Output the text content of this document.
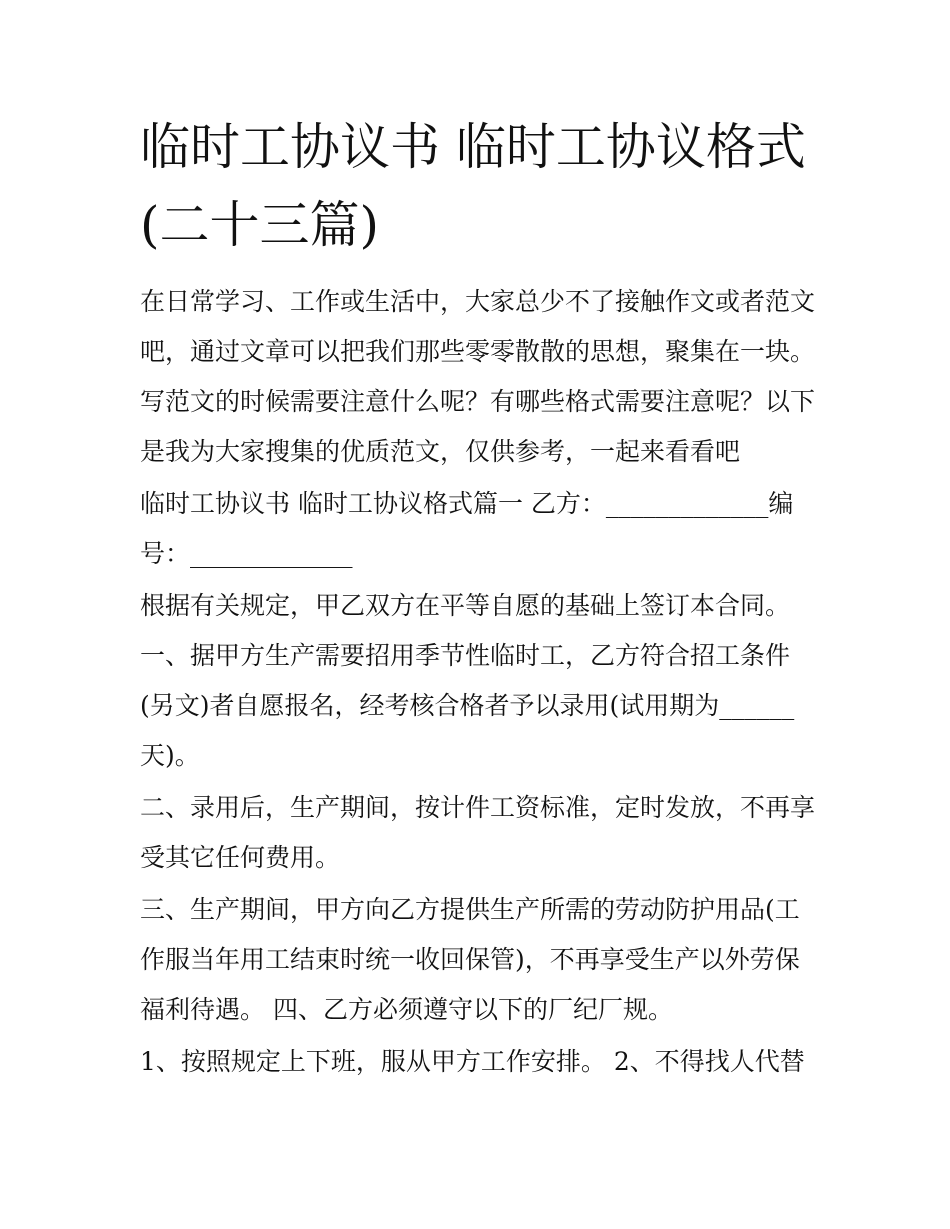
临时工协议书 临时工协议格式
(二十三篇)

在日常学习、工作或生活中，大家总少不了接触作文或者范文

吧，通过文章可以把我们那些零零散散的思想，聚集在一块。

写范文的时候需要注意什么呢？有哪些格式需要注意呢？以下

是我为大家搜集的优质范文，仅供参考，一起来看看吧

临时工协议书 临时工协议格式篇一 乙方：_____________编

号：_____________

根据有关规定，甲乙双方在平等自愿的基础上签订本合同。

一、据甲方生产需要招用季节性临时工，乙方符合招工条件

(另文)者自愿报名，经考核合格者予以录用(试用期为______

天)。

二、录用后，生产期间，按计件工资标准，定时发放，不再享

受其它任何费用。

三、生产期间，甲方向乙方提供生产所需的劳动防护用品(工

作服当年用工结束时统一收回保管)，不再享受生产以外劳保

福利待遇。 四、乙方必须遵守以下的厂纪厂规。

1、按照规定上下班，服从甲方工作安排。 2、不得找人代替
